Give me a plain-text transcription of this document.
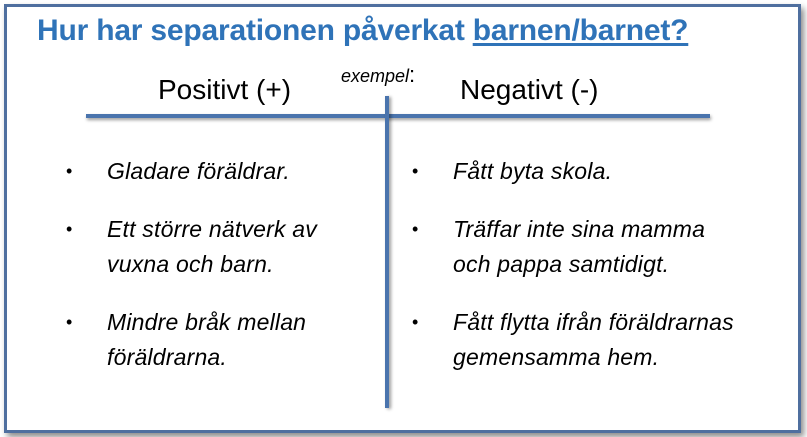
Hur har separationen påverkat barnen/barnet?
Positivt (+)	exempel: Negativt (-)
•	Gladare föräldrar.
•	Ett större nätverk av
vuxna och barn.
•	Mindre bråk mellan
föräldrarna.
•	Fått byta skola.
•	Träffar inte sina mamma
och pappa samtidigt.
•	Fått flytta ifrån föräldrarnas
gemensamma hem.
